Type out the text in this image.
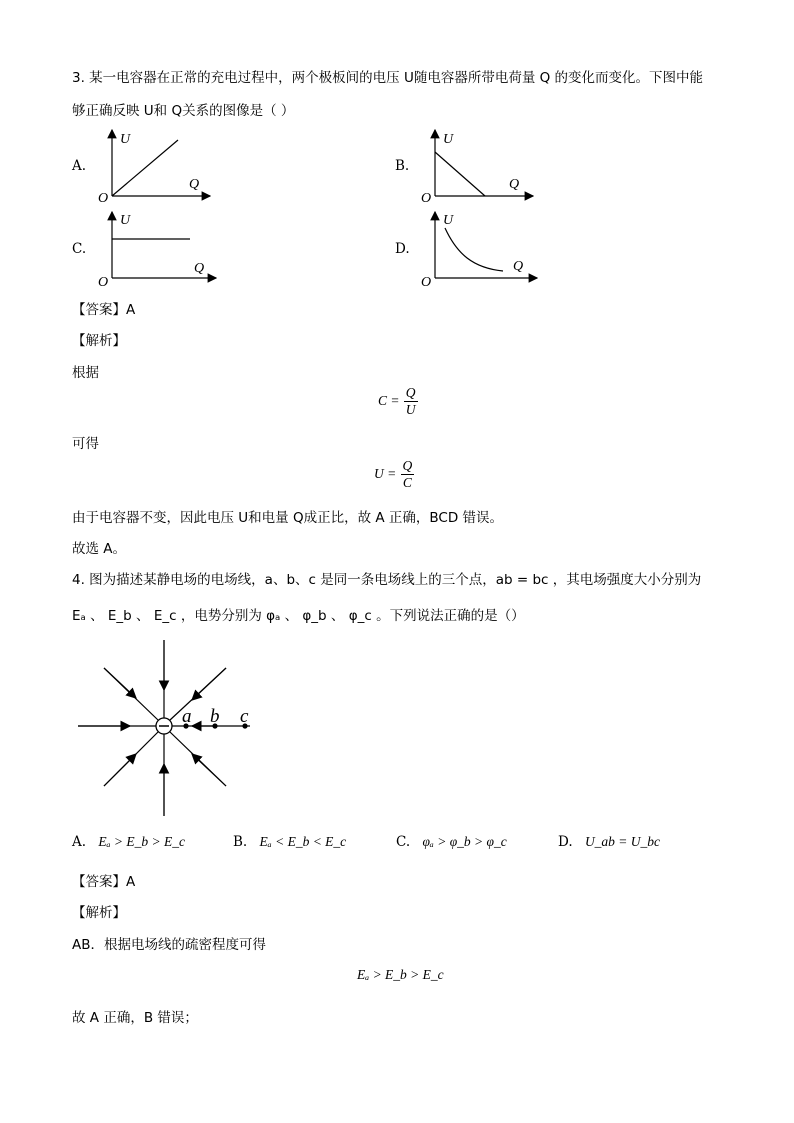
3. 某一电容器在正常的充电过程中，两个极板间的电压 U随电容器所带电荷量 Q 的变化而变化。下图中能
够正确反映 U和 Q关系的图像是（ ）
A.	B.
C.	D.
U
Q
O
U
Q
O
U
Q
O
U
Q
O
【答案】A
【解析】
根据
$C = \frac{Q}{U}$
可得
$U = \frac{Q}{C}$
由于电容器不变，因此电压 U和电量 Q成正比，故 A 正确，BCD 错误。
故选 A。
4. 图为描述某静电场的电场线，a、b、c 是同一条电场线上的三个点，ab = bc ，其电场强度大小分别为
Eₐ 、 E_b 、 E_c ，电势分别为 φₐ 、 φ_b 、 φ_c 。下列说法正确的是（）
a b c
A. Eₐ > E_b > E_c	B. Eₐ < E_b < E_c	C. φₐ > φ_b > φ_c	D. U_ab = U_bc
【答案】A
【解析】
AB．根据电场线的疏密程度可得
Eₐ > E_b > E_c
故 A 正确，B 错误；
